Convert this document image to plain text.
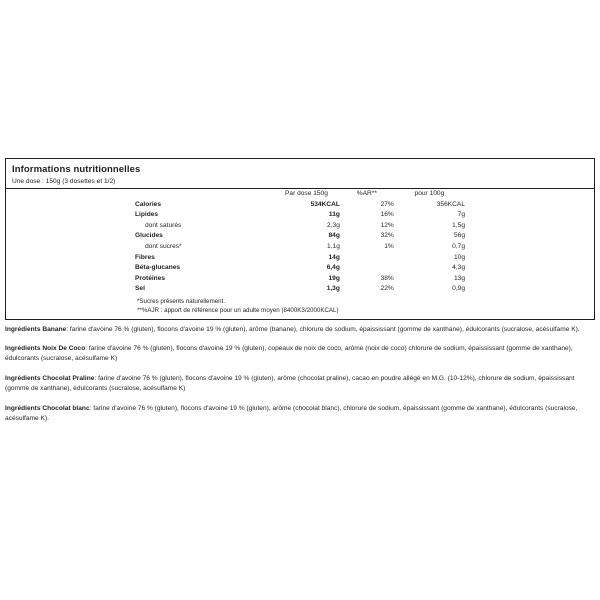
Informations nutritionnelles
Une dose : 150g (3 dosettes et 1/2)
	Par dose 150g	%AR**	pour 100g
Calories	534KCAL	27%	356KCAL
Lipides	11g	16%	7g
dont saturés	2,3g	12%	1,5g
Glucides	84g	32%	56g
dont sucres*	1,1g	1%	0,7g
Fibres	14g		10g
Béta-glucanes	6,4g		4,3g
Protéines	19g	38%	13g
Sel	1,3g	22%	0,9g
*Sucres présents naturellement.
**%AJR : apport de référence pour un adulte moyen (8400K3/2000KCAL)

Ingrédients Banane: farine d'avoine 76 % (gluten), flocons d'avoine 19 % (gluten), arôme (banane), chlorure de sodium, épaississant (gomme de xanthane), édulcorants (sucralose, acésulfame K).

Ingrédients Noix De Coco: farine d'avoine 76 % (gluten), flocons d'avoine 19 % (gluten), copeaux de noix de coco, arôme (noix de coco) chlorure de sodium, épaississant (gomme de xanthane), édulcorants (sucralose, acésulfame K)

Ingrédients Chocolat Praline: farine d'avoine 76 % (gluten), flocons d'avoine 19 % (gluten), arôme (chocolat praline), cacao en poudre allégé en M.G. (10-12%), chlorure de sodium, épaississant (gomme de xanthane), édulcorants (sucralose, acésulfame K)

Ingrédients Chocolat blanc: farine d'avoine 76 % (gluten), flocons d'avoine 19 % (gluten), arôme (chocolat blanc), chlorure de sodium, épaississant (gomme de xanthane), édulcorants (sucralose, acésulfame K).
